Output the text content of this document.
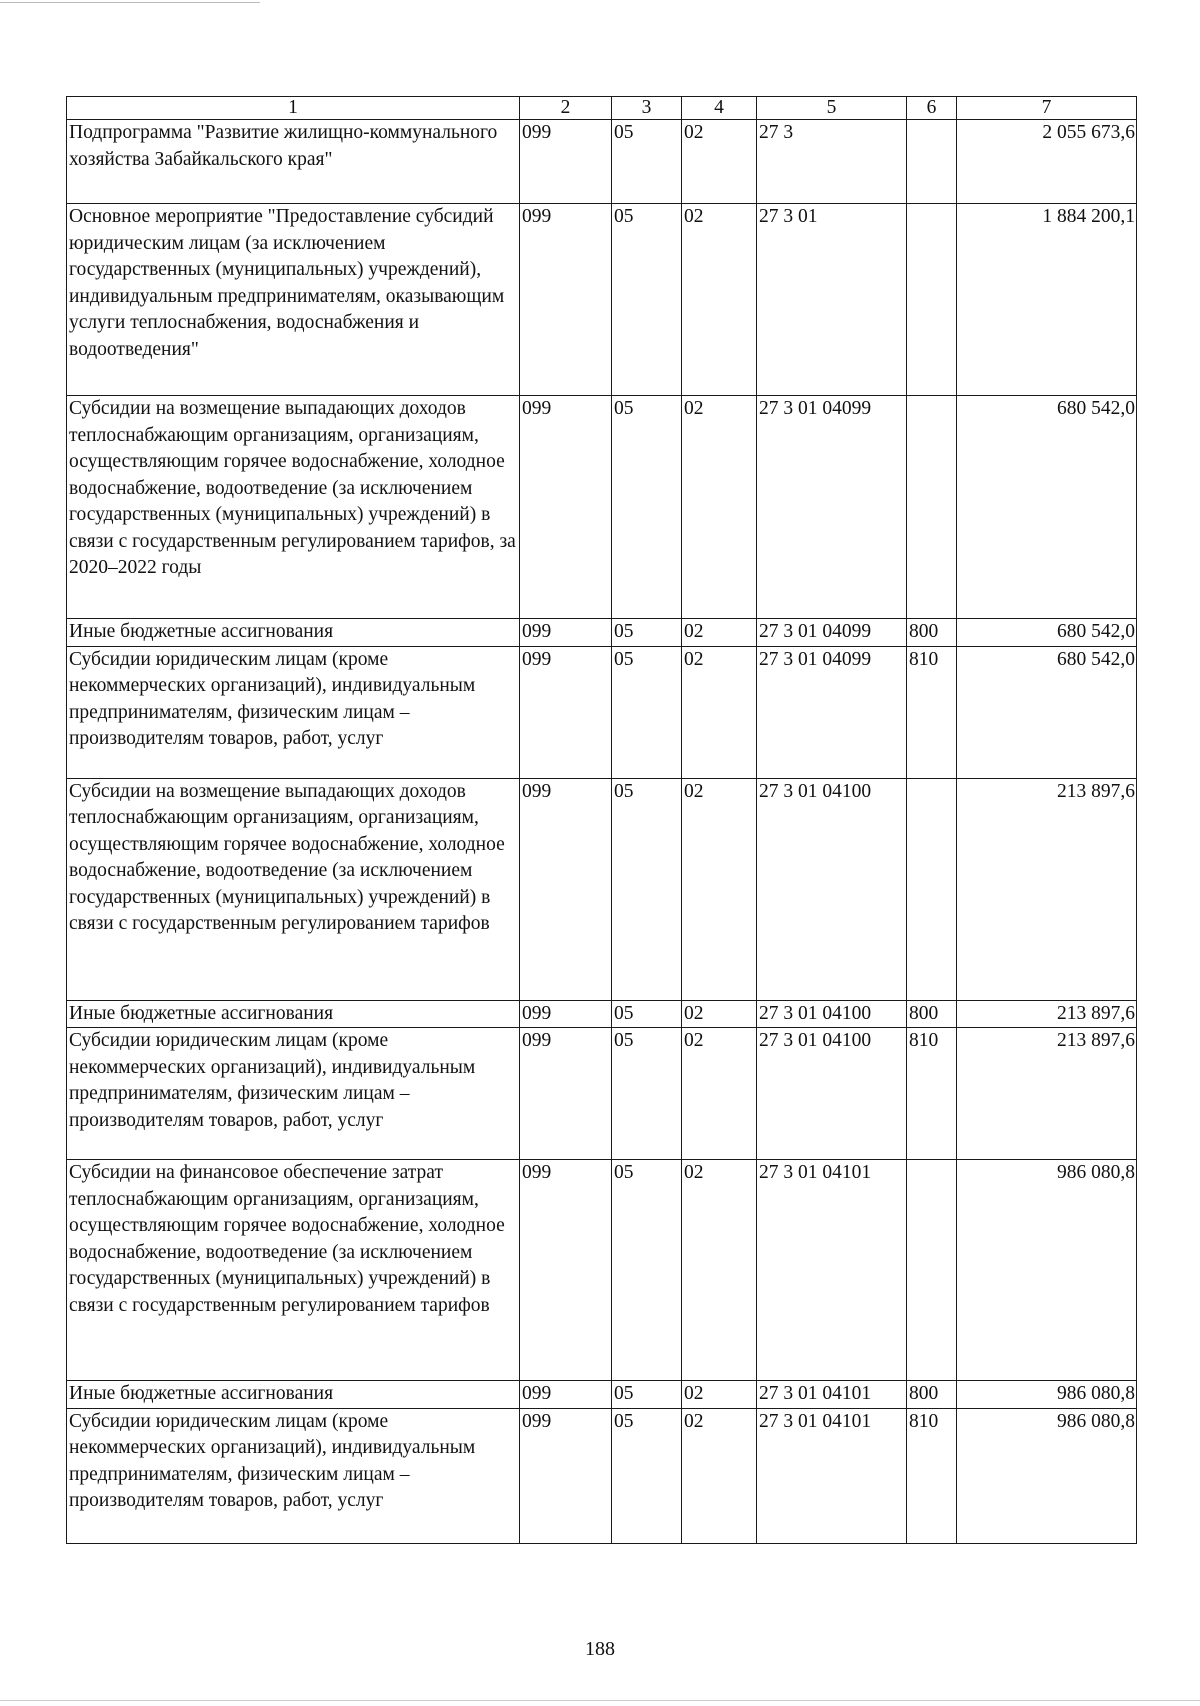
1	2	3	4	5	6	7
Подпрограмма "Развитие жилищно-коммунального хозяйства Забайкальского края"	099	05	02	27 3		2 055 673,6
Основное мероприятие "Предоставление субсидий юридическим лицам (за исключением государственных (муниципальных) учреждений), индивидуальным предпринимателям, оказывающим услуги теплоснабжения, водоснабжения и водоотведения"	099	05	02	27 3 01		1 884 200,1
Субсидии на возмещение выпадающих доходов теплоснабжающим организациям, организациям, осуществляющим горячее водоснабжение, холодное водоснабжение, водоотведение (за исключением государственных (муниципальных) учреждений) в связи с государственным регулированием тарифов, за 2020–2022 годы	099	05	02	27 3 01 04099		680 542,0
Иные бюджетные ассигнования	099	05	02	27 3 01 04099	800	680 542,0
Субсидии юридическим лицам (кроме некоммерческих организаций), индивидуальным предпринимателям, физическим лицам – производителям товаров, работ, услуг	099	05	02	27 3 01 04099	810	680 542,0
Субсидии на возмещение выпадающих доходов теплоснабжающим организациям, организациям, осуществляющим горячее водоснабжение, холодное водоснабжение, водоотведение (за исключением государственных (муниципальных) учреждений) в связи с государственным регулированием тарифов	099	05	02	27 3 01 04100		213 897,6
Иные бюджетные ассигнования	099	05	02	27 3 01 04100	800	213 897,6
Субсидии юридическим лицам (кроме некоммерческих организаций), индивидуальным предпринимателям, физическим лицам – производителям товаров, работ, услуг	099	05	02	27 3 01 04100	810	213 897,6
Субсидии на финансовое обеспечение затрат теплоснабжающим организациям, организациям, осуществляющим горячее водоснабжение, холодное водоснабжение, водоотведение (за исключением государственных (муниципальных) учреждений) в связи с государственным регулированием тарифов	099	05	02	27 3 01 04101		986 080,8
Иные бюджетные ассигнования	099	05	02	27 3 01 04101	800	986 080,8
Субсидии юридическим лицам (кроме некоммерческих организаций), индивидуальным предпринимателям, физическим лицам – производителям товаров, работ, услуг	099	05	02	27 3 01 04101	810	986 080,8
188
